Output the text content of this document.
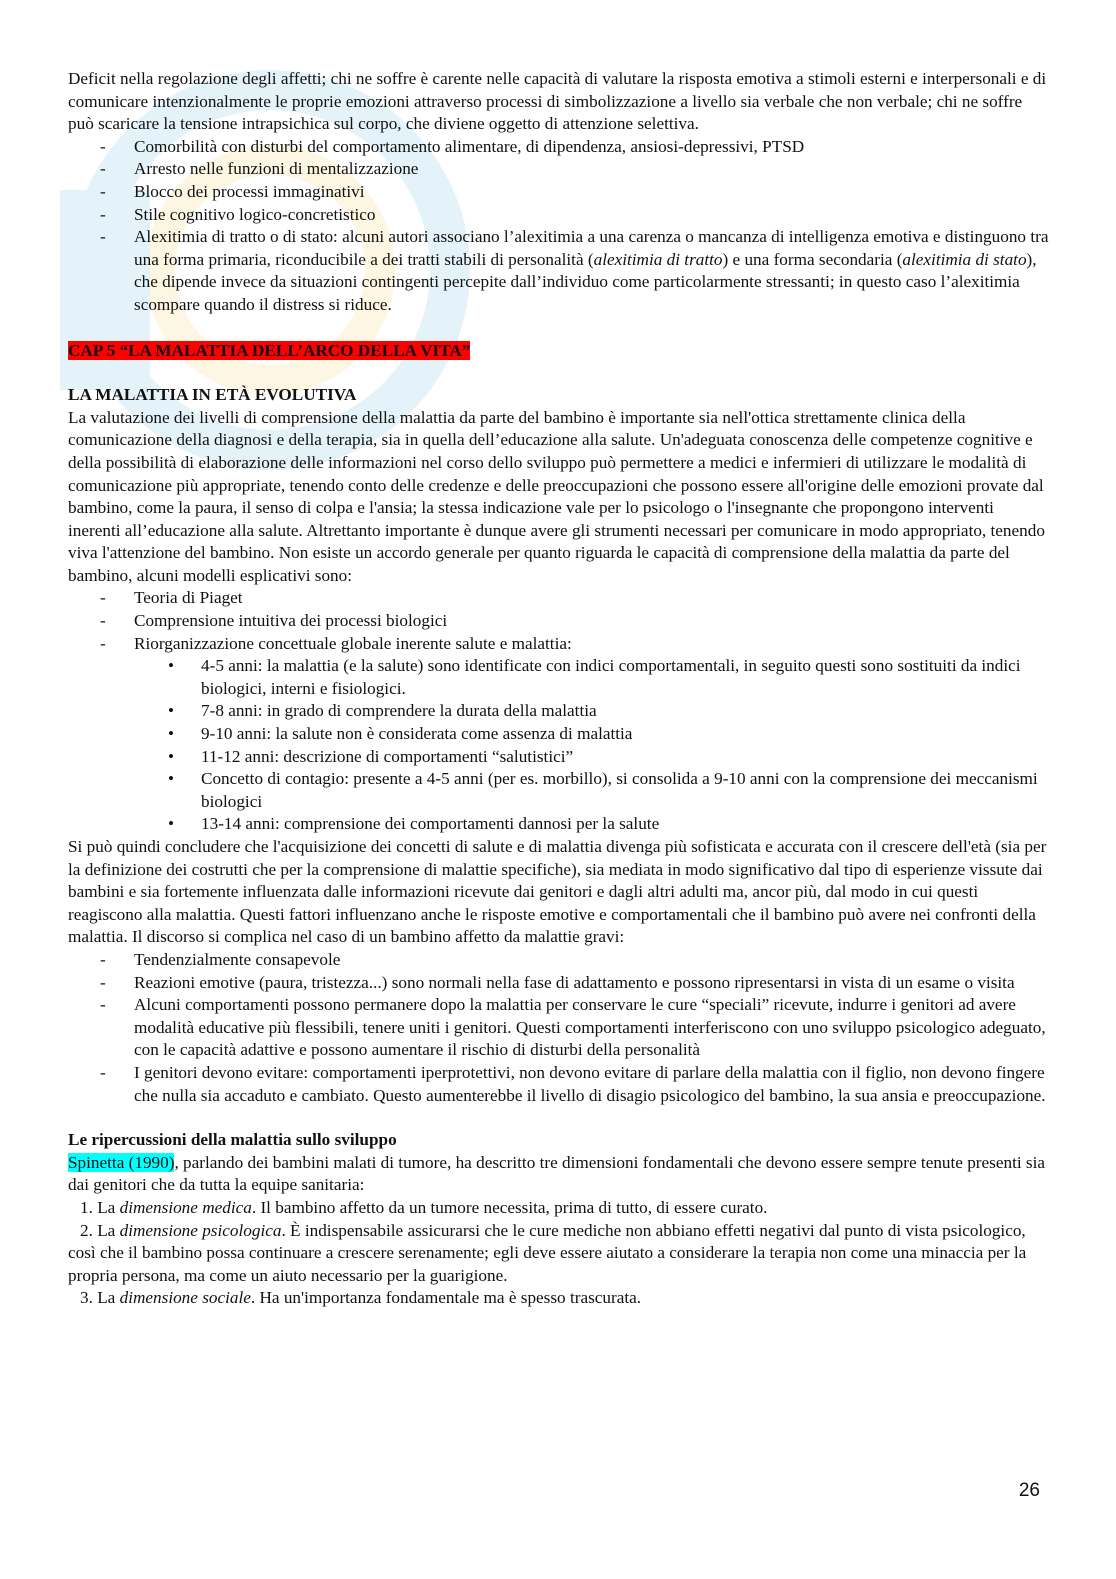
Deficit nella regolazione degli affetti; chi ne soffre è carente nelle capacità di valutare la risposta emotiva a stimoli esterni e interpersonali e di comunicare intenzionalmente le proprie emozioni attraverso processi di simbolizzazione a livello sia verbale che non verbale; chi ne soffre può scaricare la tensione intrapsichica sul corpo, che diviene oggetto di attenzione selettiva.

- Comorbilità con disturbi del comportamento alimentare, di dipendenza, ansiosi-depressivi, PTSD
- Arresto nelle funzioni di mentalizzazione
- Blocco dei processi immaginativi
- Stile cognitivo logico-concretistico
- Alexitimia di tratto o di stato: alcuni autori associano l’alexitimia a una carenza o mancanza di intelligenza emotiva e distinguono tra una forma primaria, riconducibile a dei tratti stabili di personalità (alexitimia di tratto) e una forma secondaria (alexitimia di stato), che dipende invece da situazioni contingenti percepite dall’individuo come particolarmente stressanti; in questo caso l’alexitimia scompare quando il distress si riduce.

CAP 5 “LA MALATTIA DELL’ARCO DELLA VITA”

LA MALATTIA IN ETÀ EVOLUTIVA

La valutazione dei livelli di comprensione della malattia da parte del bambino è importante sia nell'ottica strettamente clinica della comunicazione della diagnosi e della terapia, sia in quella dell’educazione alla salute. Un'adeguata conoscenza delle competenze cognitive e della possibilità di elaborazione delle informazioni nel corso dello sviluppo può permettere a medici e infermieri di utilizzare le modalità di comunicazione più appropriate, tenendo conto delle credenze e delle preoccupazioni che possono essere all'origine delle emozioni provate dal bambino, come la paura, il senso di colpa e l'ansia; la stessa indicazione vale per lo psicologo o l'insegnante che propongono interventi inerenti all’educazione alla salute. Altrettanto importante è dunque avere gli strumenti necessari per comunicare in modo appropriato, tenendo viva l'attenzione del bambino. Non esiste un accordo generale per quanto riguarda le capacità di comprensione della malattia da parte del bambino, alcuni modelli esplicativi sono:

- Teoria di Piaget
- Comprensione intuitiva dei processi biologici
- Riorganizzazione concettuale globale inerente salute e malattia:
• 4-5 anni: la malattia (e la salute) sono identificate con indici comportamentali, in seguito questi sono sostituiti da indici biologici, interni e fisiologici.
• 7-8 anni: in grado di comprendere la durata della malattia
• 9-10 anni: la salute non è considerata come assenza di malattia
• 11-12 anni: descrizione di comportamenti “salutistici”
• Concetto di contagio: presente a 4-5 anni (per es. morbillo), si consolida a 9-10 anni con la comprensione dei meccanismi biologici
• 13-14 anni: comprensione dei comportamenti dannosi per la salute

Si può quindi concludere che l'acquisizione dei concetti di salute e di malattia divenga più sofisticata e accurata con il crescere dell'età (sia per la definizione dei costrutti che per la comprensione di malattie specifiche), sia mediata in modo significativo dal tipo di esperienze vissute dai bambini e sia fortemente influenzata dalle informazioni ricevute dai genitori e dagli altri adulti ma, ancor più, dal modo in cui questi reagiscono alla malattia. Questi fattori influenzano anche le risposte emotive e comportamentali che il bambino può avere nei confronti della malattia. Il discorso si complica nel caso di un bambino affetto da malattie gravi:

- Tendenzialmente consapevole
- Reazioni emotive (paura, tristezza...) sono normali nella fase di adattamento e possono ripresentarsi in vista di un esame o visita
- Alcuni comportamenti possono permanere dopo la malattia per conservare le cure “speciali” ricevute, indurre i genitori ad avere modalità educative più flessibili, tenere uniti i genitori. Questi comportamenti interferiscono con uno sviluppo psicologico adeguato, con le capacità adattive e possono aumentare il rischio di disturbi della personalità
- I genitori devono evitare: comportamenti iperprotettivi, non devono evitare di parlare della malattia con il figlio, non devono fingere che nulla sia accaduto e cambiato. Questo aumenterebbe il livello di disagio psicologico del bambino, la sua ansia e preoccupazione.

Le ripercussioni della malattia sullo sviluppo

Spinetta (1990), parlando dei bambini malati di tumore, ha descritto tre dimensioni fondamentali che devono essere sempre tenute presenti sia dai genitori che da tutta la equipe sanitaria:

1. La dimensione medica. Il bambino affetto da un tumore necessita, prima di tutto, di essere curato.
2. La dimensione psicologica. È indispensabile assicurarsi che le cure mediche non abbiano effetti negativi dal punto di vista psicologico, così che il bambino possa continuare a crescere serenamente; egli deve essere aiutato a considerare la terapia non come una minaccia per la propria persona, ma come un aiuto necessario per la guarigione.
3. La dimensione sociale. Ha un'importanza fondamentale ma è spesso trascurata.
26
